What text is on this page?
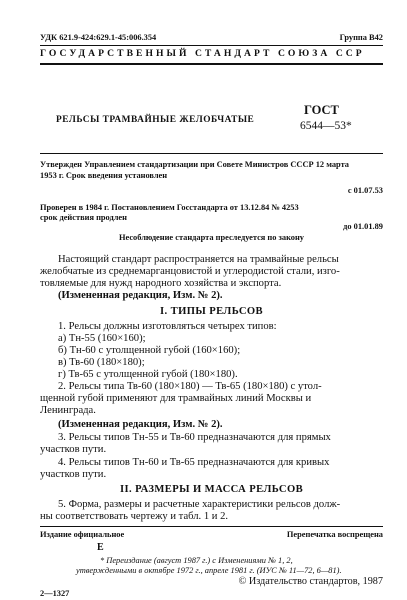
УДК 621.9-424:629.1-45:006.354	Группа В42
ГОСУДАРСТВЕННЫЙ СТАНДАРТ СОЮЗА ССР
РЕЛЬСЫ ТРАМВАЙНЫЕ ЖЕЛОБЧАТЫЕ
ГОСТ
6544—53*
Утвержден Управлением стандартизации при Совете Министров СССР 12 марта
1953 г. Срок введения установлен
с 01.07.53
Проверен в 1984 г. Постановлением Госстандарта от 13.12.84 № 4253
срок действия продлен
до 01.01.89
Несоблюдение стандарта преследуется по закону
Настоящий стандарт распространяется на трамвайные рельсы
желобчатые из среднемарганцовистой и углеродистой стали, изго-
товляемые для нужд народного хозяйства и экспорта.
(Измененная редакция, Изм. № 2).
I. ТИПЫ РЕЛЬСОВ
1. Рельсы должны изготовляться четырех типов:
а) Тн-55 (160×160);
б) Тн-60 с утолщенной губой (160×160);
в) Тв-60 (180×180);
г) Тв-65 с утолщенной губой (180×180).
2. Рельсы типа Тв-60 (180×180) — Тв-65 (180×180) с утол-
щенной губой применяют для трамвайных линий Москвы и
Ленинграда.
(Измененная редакция, Изм. № 2).
3. Рельсы типов Тн-55 и Тв-60 предназначаются для прямых
участков пути.
4. Рельсы типов Тн-60 и Тв-65 предназначаются для кривых
участков пути.
II. РАЗМЕРЫ И МАССА РЕЛЬСОВ
5. Форма, размеры и расчетные характеристики рельсов долж-
ны соответствовать чертежу и табл. 1 и 2.
Издание официальное	Перепечатка воспрещена
E
* Переиздание (август 1987 г.) с Изменениями № 1, 2,
утвержденными в октябре 1972 г., апреле 1981 г. (ИУС № 11—72, 6—81).
© Издательство стандартов, 1987
2—1327
